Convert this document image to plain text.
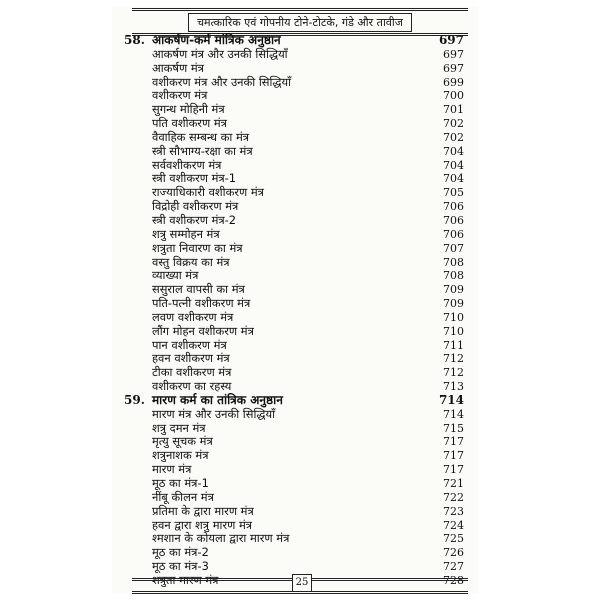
चमत्कारिक एवं गोपनीय टोने-टोटके, गंडे और तावीज
58. आकर्षण-कर्म मांत्रिक अनुष्ठान	697
आकर्षण मंत्र और उनकी सिद्धियाँ	697
आकर्षण मंत्र	697
वशीकरण मंत्र और उनकी सिद्धियाँ	699
वशीकरण मंत्र	700
सुगन्ध मोहिनी मंत्र	701
पति वशीकरण मंत्र	702
वैवाहिक सम्बन्ध का मंत्र	702
स्त्री सौभाग्य-रक्षा का मंत्र	704
सर्ववशीकरण मंत्र	704
स्त्री वशीकरण मंत्र-1	704
राज्याधिकारी वशीकरण मंत्र	705
विद्रोही वशीकरण मंत्र	706
स्त्री वशीकरण मंत्र-2	706
शत्रु सम्मोहन मंत्र	706
शत्रुता निवारण का मंत्र	707
वस्तु विक्रय का मंत्र	708
व्याख्या मंत्र	708
ससुराल वापसी का मंत्र	709
पति-पत्नी वशीकरण मंत्र	709
लवण वशीकरण मंत्र	710
लौंग मोहन वशीकरण मंत्र	710
पान वशीकरण मंत्र	711
हवन वशीकरण मंत्र	712
टीका वशीकरण मंत्र	712
वशीकरण का रहस्य	713
59. मारण कर्म का तांत्रिक अनुष्ठान	714
मारण मंत्र और उनकी सिद्धियाँ	714
शत्रु दमन मंत्र	715
मृत्यु सूचक मंत्र	717
शत्रुनाशक मंत्र	717
मारण मंत्र	717
मूठ का मंत्र-1	721
नींबू कीलन मंत्र	722
प्रतिमा के द्वारा मारण मंत्र	723
हवन द्वारा शत्रु मारण मंत्र	724
श्मशान के कोयला द्वारा मारण मंत्र	725
मूठ का मंत्र-2	726
मूठ का मंत्र-3	727
शत्रुता मारण मंत्र	728
25
